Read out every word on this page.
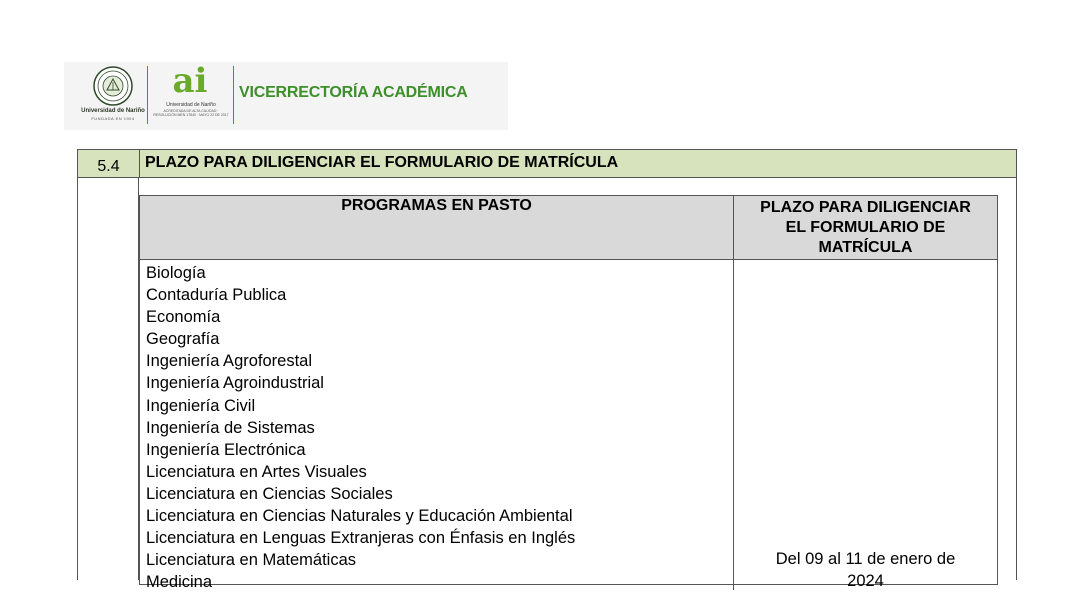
Universidad de Nariño
FUNDADA EN 1904
ai
Universidad de Nariño
ACREDITADA DE ALTA CALIDAD · RESOLUCIÓN MEN 17840 · MAYO 22 DE 2017
VICERRECTORÍA ACADÉMICA
5.4	PLAZO PARA DILIGENCIAR EL FORMULARIO DE MATRÍCULA
PROGRAMAS EN PASTO	PLAZO PARA DILIGENCIAR
EL FORMULARIO DE
MATRÍCULA
Biología
Contaduría Publica
Economía
Geografía
Ingeniería Agroforestal
Ingeniería Agroindustrial
Ingeniería Civil
Ingeniería de Sistemas
Ingeniería Electrónica
Licenciatura en Artes Visuales
Licenciatura en Ciencias Sociales
Licenciatura en Ciencias Naturales y Educación Ambiental
Licenciatura en Lenguas Extranjeras con Énfasis en Inglés
Licenciatura en Matemáticas
Medicina
Del 09 al 11 de enero de
2024
